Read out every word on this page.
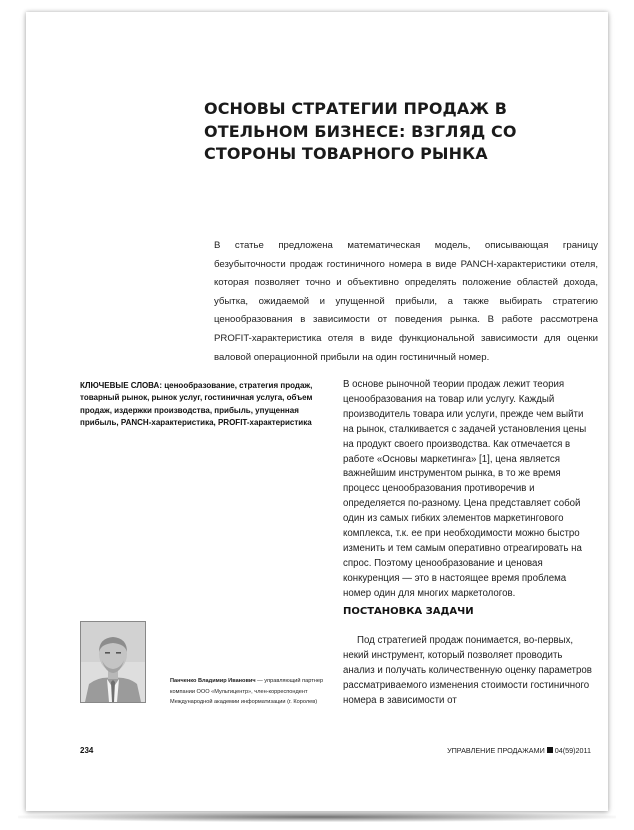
ОСНОВЫ СТРАТЕГИИ ПРОДАЖ В ОТЕЛЬНОМ БИЗНЕСЕ: ВЗГЛЯД СО СТОРОНЫ ТОВАРНОГО РЫНКА

В статье предложена математическая модель, описывающая границу безубыточности продаж гостиничного номера в виде PANCH-характеристики отеля, которая позволяет точно и объективно определять положение областей дохода, убытка, ожидаемой и упущенной прибыли, а также выбирать стратегию ценообразования в зависимости от поведения рынка. В работе рассмотрена PROFIT-характеристика отеля в виде функциональной зависимости для оценки валовой операционной прибыли на один гостиничный номер.

КЛЮЧЕВЫЕ СЛОВА: ценообразование, стратегия продаж, товарный рынок, рынок услуг, гостиничная услуга, объем продаж, издержки производства, прибыль, упущенная прибыль, PANCH-характеристика, PROFIT-характеристика

В основе рыночной теории продаж лежит теория ценообразования на товар или услугу. Каждый производитель товара или услуги, прежде чем выйти на рынок, сталкивается с задачей установления цены на продукт своего производства. Как отмечается в работе «Основы маркетинга» [1], цена является важнейшим инструментом рынка, в то же время процесс ценообразования противоречив и определяется по-разному. Цена представляет собой один из самых гибких элементов маркетингового комплекса, т.к. ее при необходимости можно быстро изменить и тем самым оперативно отреагировать на спрос. Поэтому ценообразование и ценовая конкуренция — это в настоящее время проблема номер один для многих маркетологов.

ПОСТАНОВКА ЗАДАЧИ

Под стратегией продаж понимается, во-первых, некий инструмент, который позволяет проводить анализ и получать количественную оценку параметров рассматриваемого изменения стоимости гостиничного номера в зависимости от

Панченко Владимир Иванович — управляющий партнер компании ООО «Мультицентр», член-корреспондент Международной академии информатизации (г. Королев)

234	УПРАВЛЕНИЕ ПРОДАЖАМИ 04(59)2011
